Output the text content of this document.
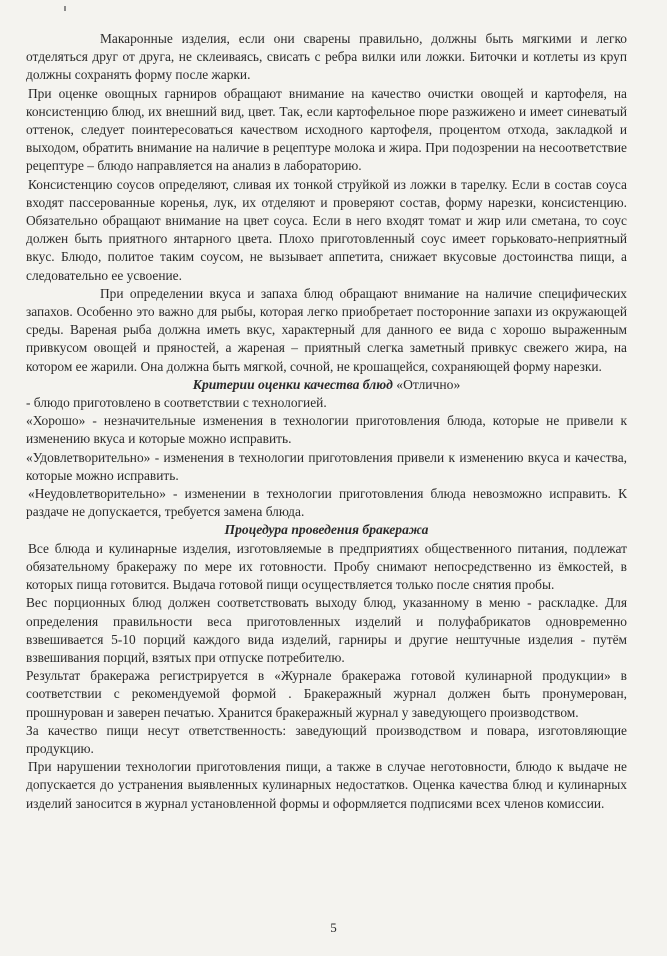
Макаронные изделия, если они сварены правильно, должны быть мягкими и легко отделяться друг от друга, не склеиваясь, свисать с ребра вилки или ложки. Биточки и котлеты из круп должны сохранять форму после жарки.

При оценке овощных гарниров обращают внимание на качество очистки овощей и картофеля, на консистенцию блюд, их внешний вид, цвет. Так, если картофельное пюре разжижено и имеет синеватый оттенок, следует поинтересоваться качеством исходного картофеля, процентом отхода, закладкой и выходом, обратить внимание на наличие в рецептуре молока и жира. При подозрении на несоответствие рецептуре – блюдо направляется на анализ в лабораторию.

Консистенцию соусов определяют, сливая их тонкой струйкой из ложки в тарелку. Если в состав соуса входят пассерованные коренья, лук, их отделяют и проверяют состав, форму нарезки, консистенцию. Обязательно обращают внимание на цвет соуса. Если в него входят томат и жир или сметана, то соус должен быть приятного янтарного цвета. Плохо приготовленный соус имеет горьковато-неприятный вкус. Блюдо, политое таким соусом, не вызывает аппетита, снижает вкусовые достоинства пищи, а следовательно ее усвоение.

При определении вкуса и запаха блюд обращают внимание на наличие специфических запахов. Особенно это важно для рыбы, которая легко приобретает посторонние запахи из окружающей среды. Вареная рыба должна иметь вкус, характерный для данного ее вида с хорошо выраженным привкусом овощей и пряностей, а жареная – приятный слегка заметный привкус свежего жира, на котором ее жарили. Она должна быть мягкой, сочной, не крошащейся, сохраняющей форму нарезки.

Критерии оценки качества блюд «Отлично»

- блюдо приготовлено в соответствии с технологией.

«Хорошо» - незначительные изменения в технологии приготовления блюда, которые не привели к изменению вкуса и которые можно исправить.

«Удовлетворительно» - изменения в технологии приготовления привели к изменению вкуса и качества, которые можно исправить.

«Неудовлетворительно» - изменении в технологии приготовления блюда невозможно исправить. К раздаче не допускается, требуется замена блюда.

Процедура проведения бракеража

Все блюда и кулинарные изделия, изготовляемые в предприятиях общественного питания, подлежат обязательному бракеражу по мере их готовности. Пробу снимают непосредственно из ёмкостей, в которых пища готовится. Выдача готовой пищи осуществляется только после снятия пробы.

Вес порционных блюд должен соответствовать выходу блюд, указанному в меню - раскладке. Для определения правильности веса приготовленных изделий и полуфабрикатов одновременно взвешивается 5-10 порций каждого вида изделий, гарниры и другие нештучные изделия - путём взвешивания порций, взятых при отпуске потребителю.

Результат бракеража регистрируется в «Журнале бракеража готовой кулинарной продукции» в соответствии с рекомендуемой формой . Бракеражный журнал должен быть пронумерован, прошнурован и заверен печатью. Хранится бракеражный журнал у заведующего производством.

За качество пищи несут ответственность: заведующий производством и повара, изготовляющие продукцию.

При нарушении технологии приготовления пищи, а также в случае неготовности, блюдо к выдаче не допускается до устранения выявленных кулинарных недостатков. Оценка качества блюд и кулинарных изделий заносится в журнал установленной формы и оформляется подписями всех членов комиссии.

5
